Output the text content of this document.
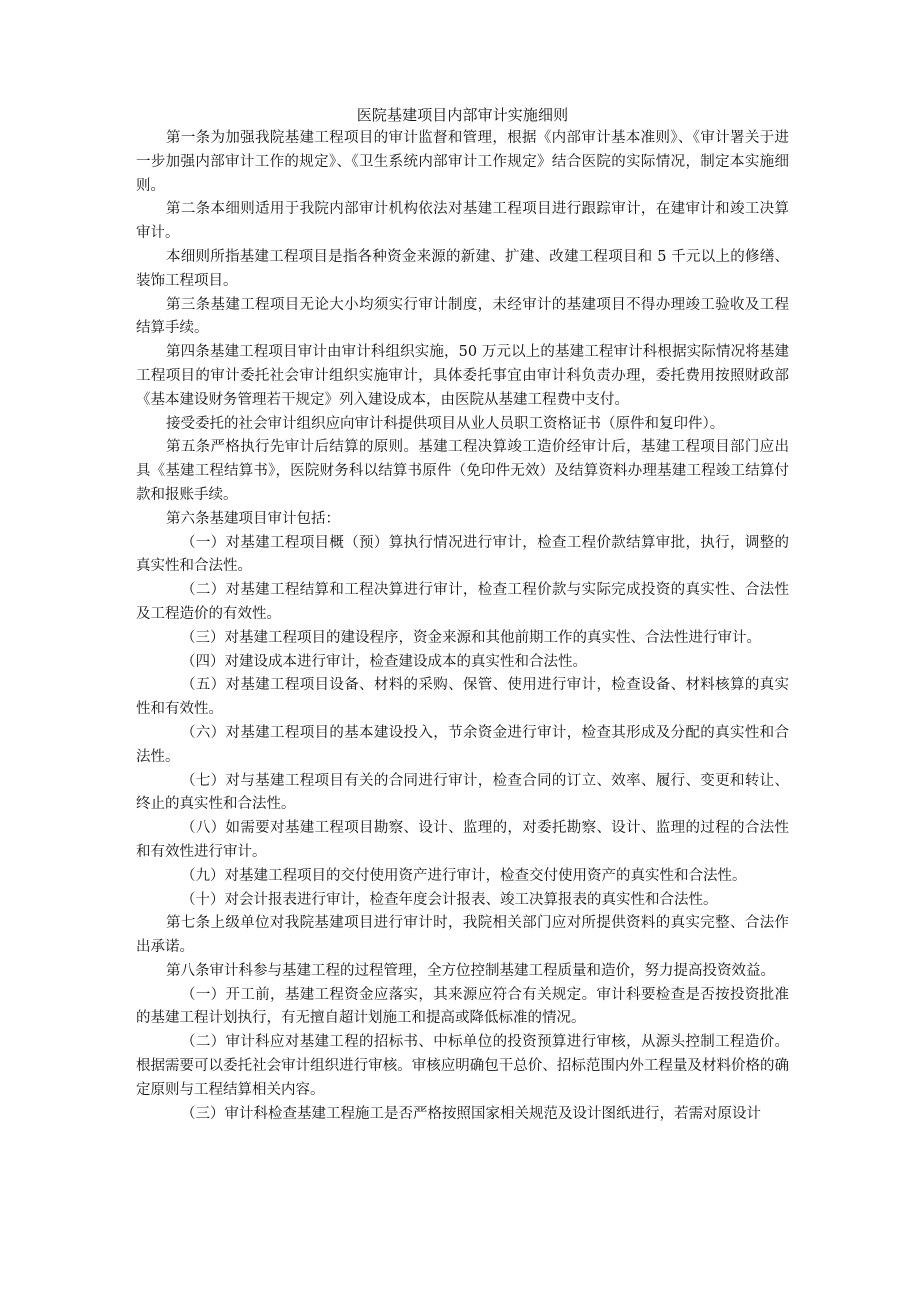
医院基建项目内部审计实施细则

第一条为加强我院基建工程项目的审计监督和管理，根据《内部审计基本准则》、《审计署关于进一步加强内部审计工作的规定》、《卫生系统内部审计工作规定》结合医院的实际情况，制定本实施细则。

第二条本细则适用于我院内部审计机构依法对基建工程项目进行跟踪审计，在建审计和竣工决算审计。

本细则所指基建工程项目是指各种资金来源的新建、扩建、改建工程项目和 5 千元以上的修缮、装饰工程项目。

第三条基建工程项目无论大小均须实行审计制度，未经审计的基建项目不得办理竣工验收及工程结算手续。

第四条基建工程项目审计由审计科组织实施，50 万元以上的基建工程审计科根据实际情况将基建工程项目的审计委托社会审计组织实施审计，具体委托事宜由审计科负责办理，委托费用按照财政部《基本建设财务管理若干规定》列入建设成本，由医院从基建工程费中支付。

接受委托的社会审计组织应向审计科提供项目从业人员职工资格证书（原件和复印件）。

第五条严格执行先审计后结算的原则。基建工程决算竣工造价经审计后，基建工程项目部门应出具《基建工程结算书》，医院财务科以结算书原件（免印件无效）及结算资料办理基建工程竣工结算付款和报账手续。

第六条基建项目审计包括：

（一）对基建工程项目概（预）算执行情况进行审计，检查工程价款结算审批，执行，调整的真实性和合法性。

（二）对基建工程结算和工程决算进行审计，检查工程价款与实际完成投资的真实性、合法性及工程造价的有效性。

（三）对基建工程项目的建设程序，资金来源和其他前期工作的真实性、合法性进行审计。

（四）对建设成本进行审计，检查建设成本的真实性和合法性。

（五）对基建工程项目设备、材料的采购、保管、使用进行审计，检查设备、材料核算的真实性和有效性。

（六）对基建工程项目的基本建设投入，节余资金进行审计，检查其形成及分配的真实性和合法性。

（七）对与基建工程项目有关的合同进行审计，检查合同的订立、效率、履行、变更和转让、终止的真实性和合法性。

（八）如需要对基建工程项目勘察、设计、监理的，对委托勘察、设计、监理的过程的合法性和有效性进行审计。

（九）对基建工程项目的交付使用资产进行审计，检查交付使用资产的真实性和合法性。

（十）对会计报表进行审计，检查年度会计报表、竣工决算报表的真实性和合法性。

第七条上级单位对我院基建项目进行审计时，我院相关部门应对所提供资料的真实完整、合法作出承诺。

第八条审计科参与基建工程的过程管理，全方位控制基建工程质量和造价，努力提高投资效益。

（一）开工前，基建工程资金应落实，其来源应符合有关规定。审计科要检查是否按投资批准的基建工程计划执行，有无擅自超计划施工和提高或降低标准的情况。

（二）审计科应对基建工程的招标书、中标单位的投资预算进行审核，从源头控制工程造价。根据需要可以委托社会审计组织进行审核。审核应明确包干总价、招标范围内外工程量及材料价格的确定原则与工程结算相关内容。

（三）审计科检查基建工程施工是否严格按照国家相关规范及设计图纸进行，若需对原设计
